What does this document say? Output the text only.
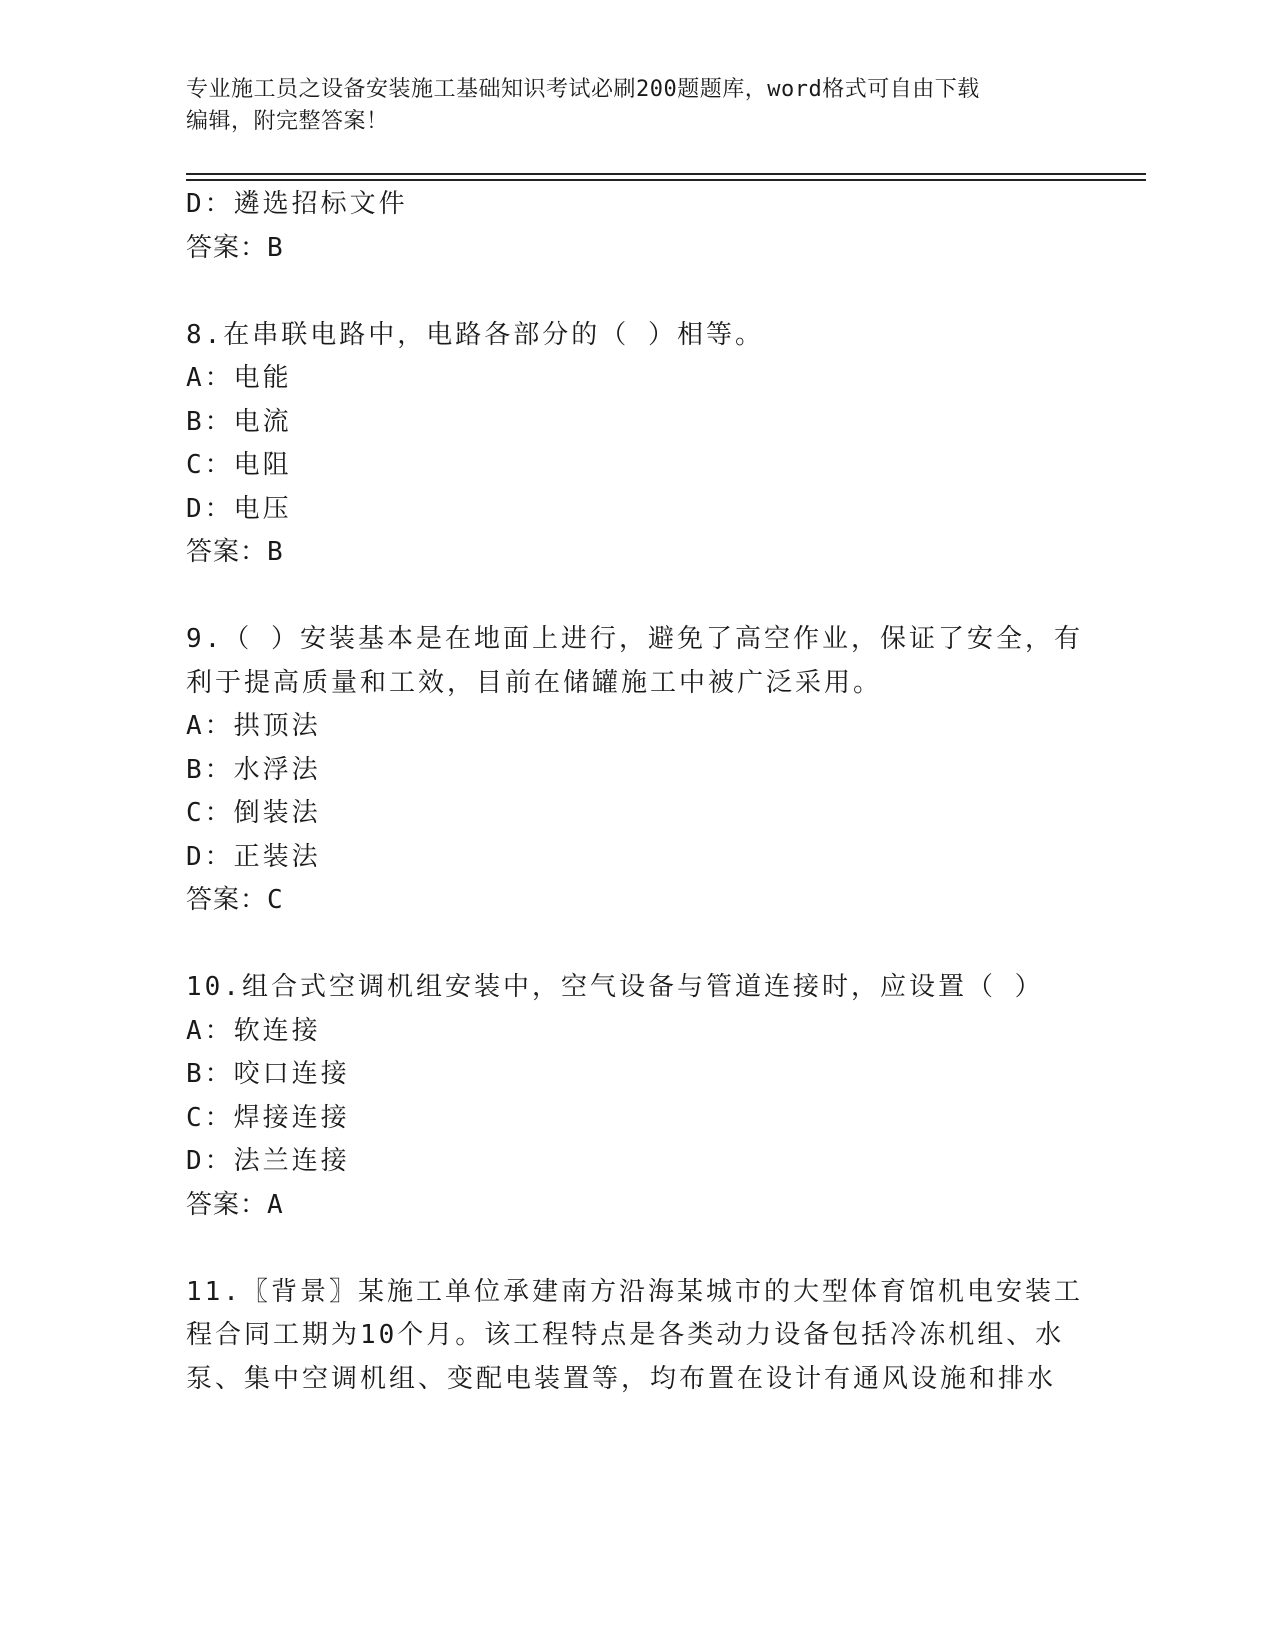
专业施工员之设备安装施工基础知识考试必刷200题题库，word格式可自由下载
编辑，附完整答案！
D：遴选招标文件
答案：B
8.在串联电路中，电路各部分的（ ）相等。
A：电能
B：电流
C：电阻
D：电压
答案：B
9.（ ）安装基本是在地面上进行，避免了高空作业，保证了安全，有
利于提高质量和工效，目前在储罐施工中被广泛采用。
A：拱顶法
B：水浮法
C：倒装法
D：正装法
答案：C
10.组合式空调机组安装中，空气设备与管道连接时，应设置（ ）
A：软连接
B：咬口连接
C：焊接连接
D：法兰连接
答案：A
11.〖背景〗某施工单位承建南方沿海某城市的大型体育馆机电安装工
程合同工期为10个月。该工程特点是各类动力设备包括冷冻机组、水
泵、集中空调机组、变配电装置等，均布置在设计有通风设施和排水
